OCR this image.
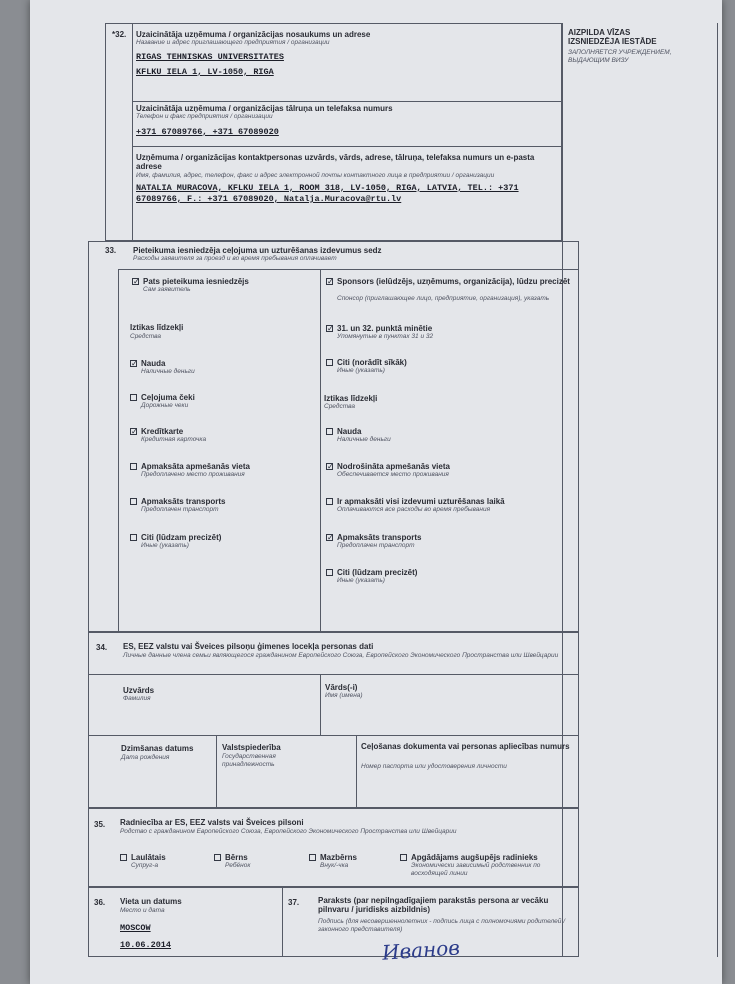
*32. Uzaicinātāja uzņēmuma / organizācijas nosaukums un adrese
Название и адрес приглашающего предприятия / организации
RIGAS TEHNISKAS UNIVERSITATES
KFLKU IELA 1, LV-1050, RIGA
Uzaicinātāja uzņēmuma / organizācijas tālruņa un telefaksa numurs
Телефон и факс предприятия / организации
+371 67089766, +371 67089020
Uzņēmuma / organizācijas kontaktpersonas uzvārds, vārds, adrese, tālruņa, telefaksa numurs un e-pasta adrese
Имя, фамилия, адрес, телефон, факс и адрес электронной почты контактного лица в предприятии / организации
NATALIA MURACOVA, KFLKU IELA 1, ROOM 318, LV-1050, RIGA, LATVIA, TEL.: +371 67089766, F.: +371 67089020, Natalja.Muracova@rtu.lv
AIZPILDA VĪZAS IZSNIEDZĒJA IESTĀDE
ЗАПОЛНЯЕТСЯ УЧРЕЖДЕНИЕМ, ВЫДАЮЩИМ ВИЗУ
33. Pieteikuma iesniedzēja ceļojuma un uzturēšanas izdevumus sedz
Расходы заявителя за проезд и во время пребывания оплачивает
✓ Pats pieteikuma iesniedzējs
Сам заявитель
Iztikas līdzekļi
Средства
✓ Nauda
Наличные деньги
Ceļojuma čeki
Дорожные чеки
✓ Kredītkarte
Кредитная карточка
Apmaksāta apmešanās vieta
Предоплачено место проживания
Apmaksāts transports
Предоплачен транспорт
Citi (lūdzam precizēt)
Иные (указать)
✓ Sponsors (ielūdzējs, uzņēmums, organizācija), lūdzu precizēt
Спонсор (приглашающее лицо, предприятие, организация), указать
✓ 31. un 32. punktā minētie
Упомянутые в пунктах 31 и 32
Citi (norādīt sīkāk)
Иные (указать)
Iztikas līdzekļi
Средства
Nauda
Наличные деньги
✓ Nodrošināta apmešanās vieta
Обеспечивается место проживания
Ir apmaksāti visi izdevumi uzturēšanas laikā
Оплачиваются все расходы во время пребывания
✓ Apmaksāts transports
Предоплачен транспорт
Citi (lūdzam precizēt)
Иные (указать)
34. ES, EEZ valstu vai Šveices pilsoņu ģimenes locekļa personas dati
Личные данные члена семьи являющегося гражданином Европейского Союза, Европейского Экономического Пространства или Швейцарии
Uzvārds
Фамилия
Vārds(-i)
Имя (имена)
Dzimšanas datums
Дата рождения
Valstspiederība
Государственная принадлежность
Ceļošanas dokumenta vai personas apliecības numurs
Номер паспорта или удостоверения личности
35. Radniecība ar ES, EEZ valsts vai Šveices pilsoni
Родство с гражданином Европейского Союза, Европейского Экономического Пространства или Швейцарии
Laulātais
Супруг-а
Bērns
Ребёнок
Mazbērns
Внук/-чка
Apgādājams augšupējs radinieks
Экономически зависимый родственник по восходящей линии
36. Vieta un datums
Место и дата
MOSCOW
10.06.2014
37. Paraksts (par nepilngadīgajiem parakstās persona ar vecāku pilnvaru / juridisks aizbildnis)
Подпись (для несовершеннолетних - подпись лица с полномочиями родителей / законного представителя)
Иванов
